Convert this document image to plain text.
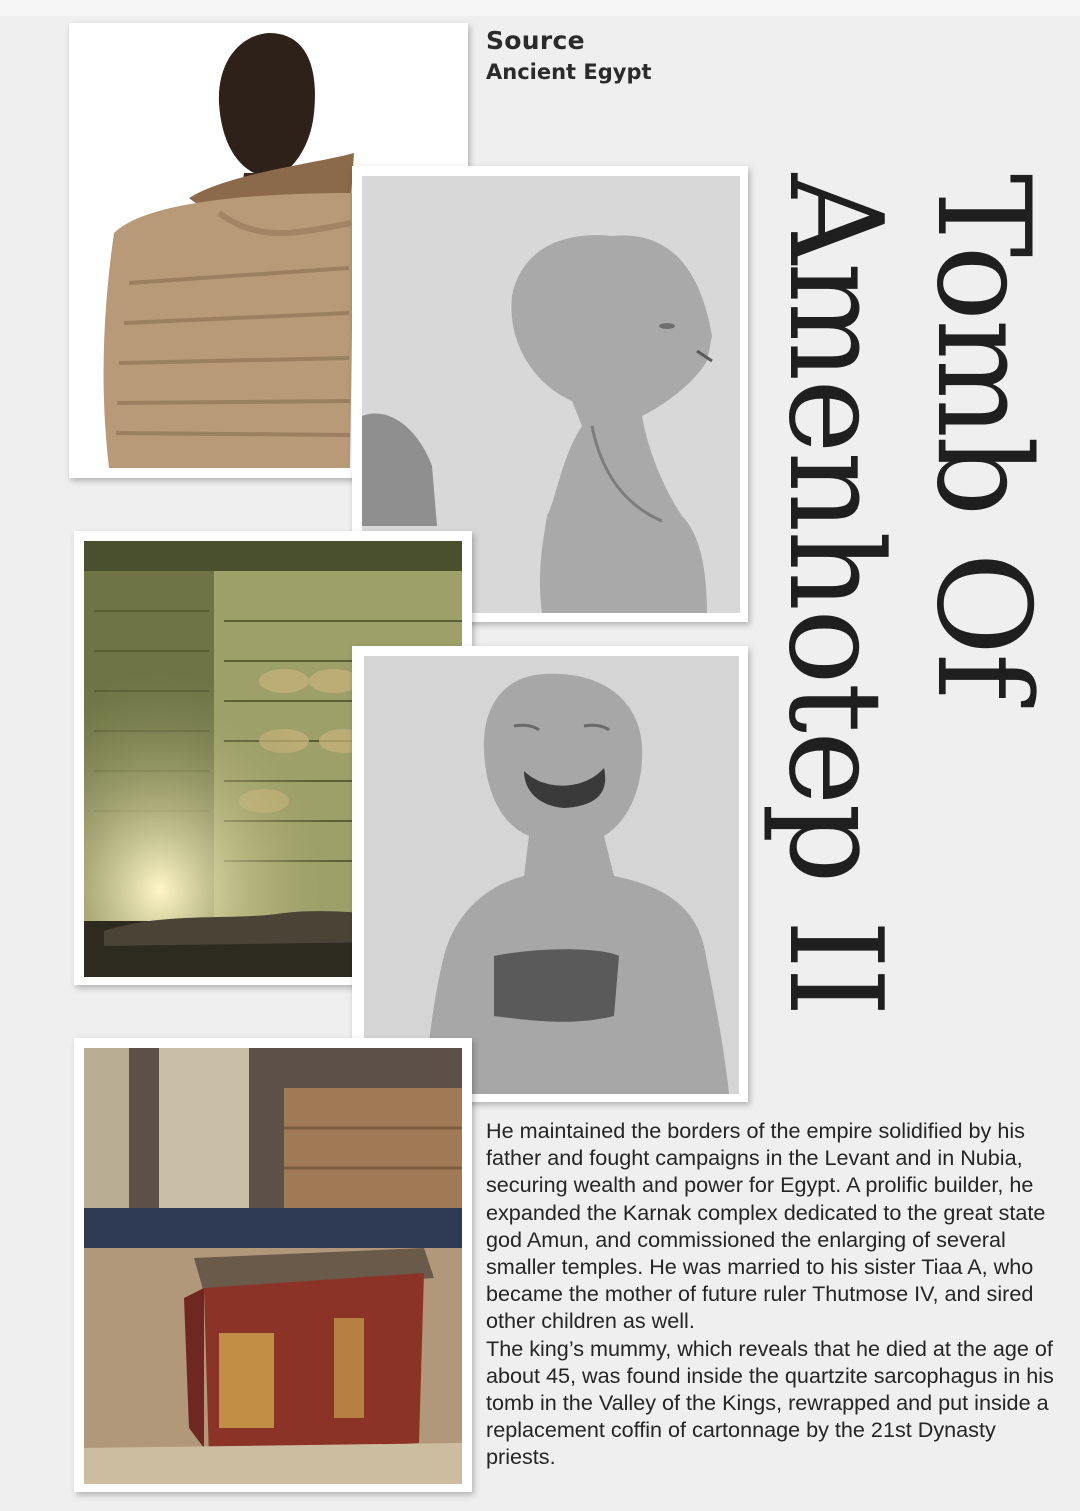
Source
Ancient Egypt
Tomb Of
Amenhotep II

He maintained the borders of the empire solidified by his father and fought campaigns in the Levant and in Nubia, securing wealth and power for Egypt. A prolific builder, he expanded the Karnak complex dedicated to the great state god Amun, and commissioned the enlarging of several smaller temples. He was married to his sister Tiaa A, who became the mother of future ruler Thutmose IV, and sired other children as well.

The king’s mummy, which reveals that he died at the age of about 45, was found inside the quartzite sarcophagus in his tomb in the Valley of the Kings, rewrapped and put inside a replacement coffin of cartonnage by the 21st Dynasty priests.
